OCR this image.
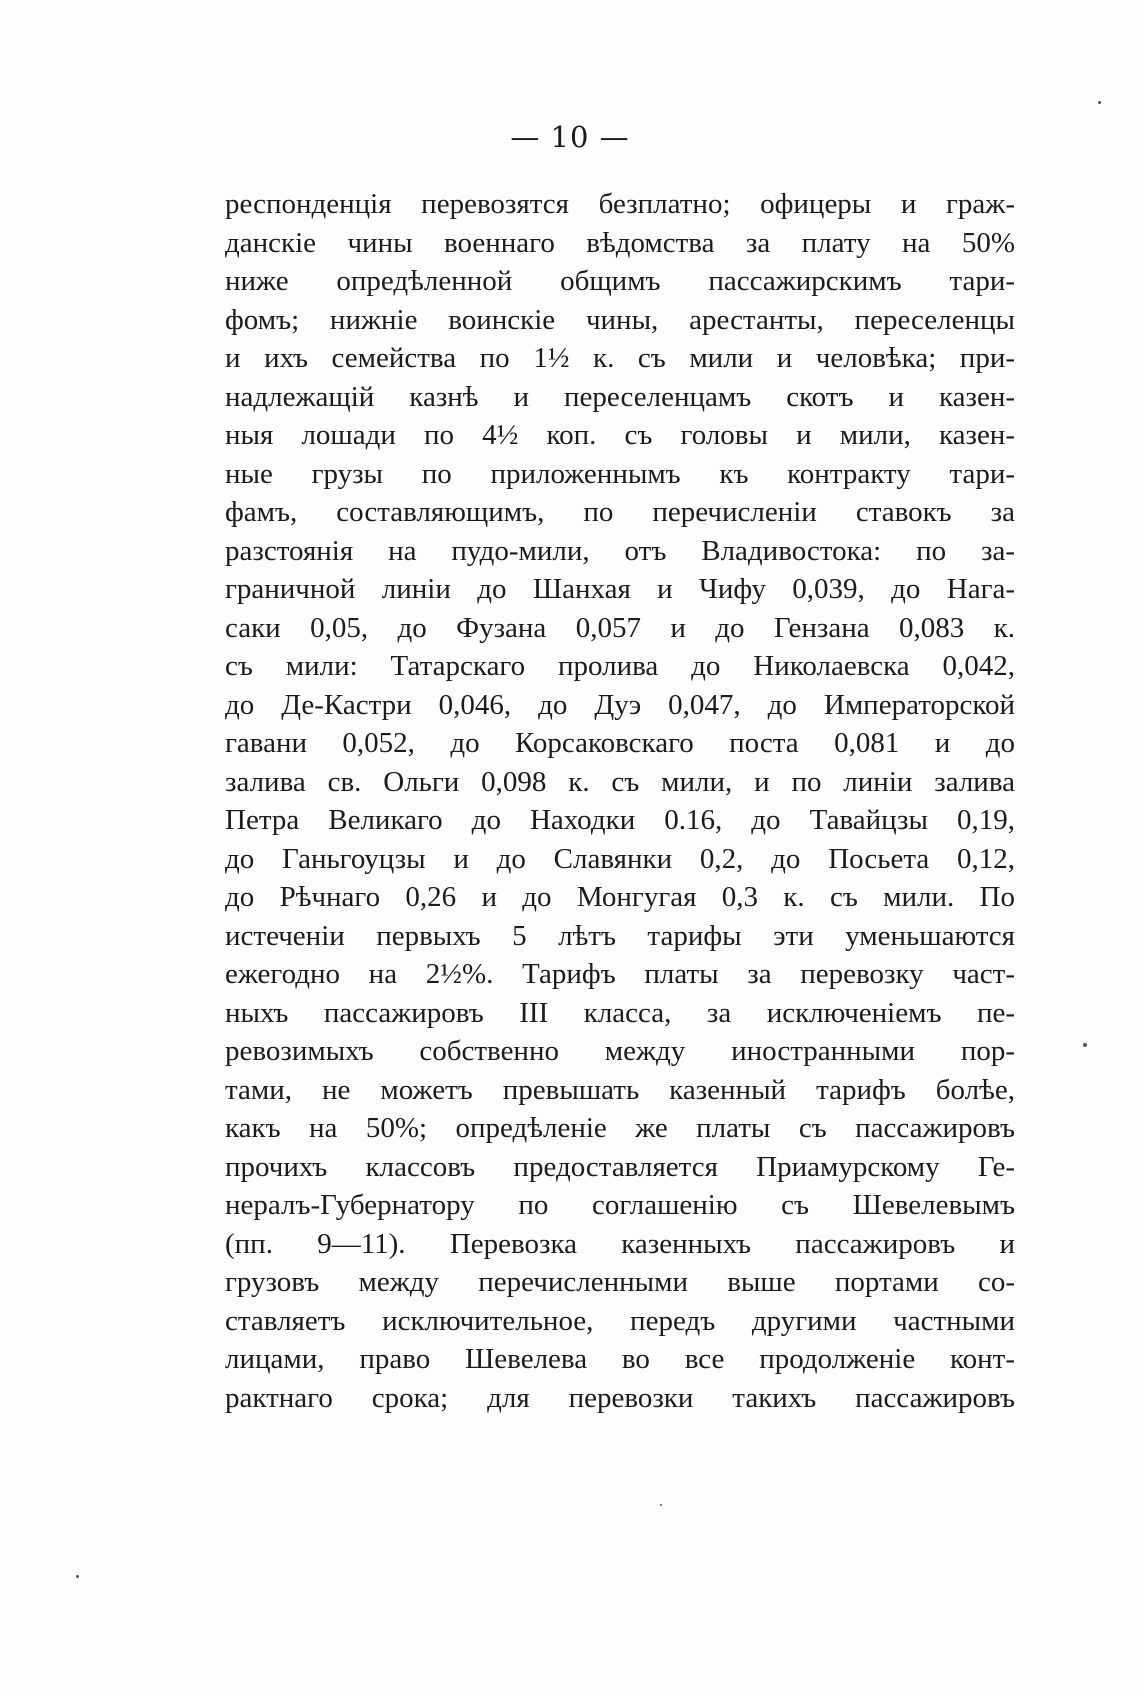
— 10 —
респонденція перевозятся безплатно; офицеры и граж-
данскіе чины военнаго вѣдомства за плату на 50%
ниже опредѣленной общимъ пассажирскимъ тари-
фомъ; нижніе воинскіе чины, арестанты, переселенцы
и ихъ семейства по 1½ к. съ мили и человѣка; при-
надлежащій казнѣ и переселенцамъ скотъ и казен-
ныя лошади по 4½ коп. съ головы и мили, казен-
ные грузы по приложеннымъ къ контракту тари-
фамъ, составляющимъ, по перечисленіи ставокъ за
разстоянія на пудо-мили, отъ Владивостока: по за-
граничной линіи до Шанхая и Чифу 0,039, до Нага-
саки 0,05, до Фузана 0,057 и до Гензана 0,083 к.
съ мили: Татарскаго пролива до Николаевска 0,042,
до Де-Кастри 0,046, до Дуэ 0,047, до Императорской
гавани 0,052, до Корсаковскаго поста 0,081 и до
залива св. Ольги 0,098 к. съ мили, и по линіи залива
Петра Великаго до Находки 0.16, до Тавайцзы 0,19,
до Ганьгоуцзы и до Славянки 0,2, до Посьета 0,12,
до Рѣчнаго 0,26 и до Монгугая 0,3 к. съ мили. По
истеченіи первыхъ 5 лѣтъ тарифы эти уменьшаются
ежегодно на 2½%. Тарифъ платы за перевозку част-
ныхъ пассажировъ III класса, за исключеніемъ пе-
ревозимыхъ собственно между иностранными пор-
тами, не можетъ превышать казенный тарифъ болѣе,
какъ на 50%; опредѣленіе же платы съ пассажировъ
прочихъ классовъ предоставляется Приамурскому Ге-
нералъ-Губернатору по соглашенію съ Шевелевымъ
(пп. 9—11). Перевозка казенныхъ пассажировъ и
грузовъ между перечисленными выше портами со-
ставляетъ исключительное, передъ другими частными
лицами, право Шевелева во все продолженіе конт-
рактнаго срока; для перевозки такихъ пассажировъ
